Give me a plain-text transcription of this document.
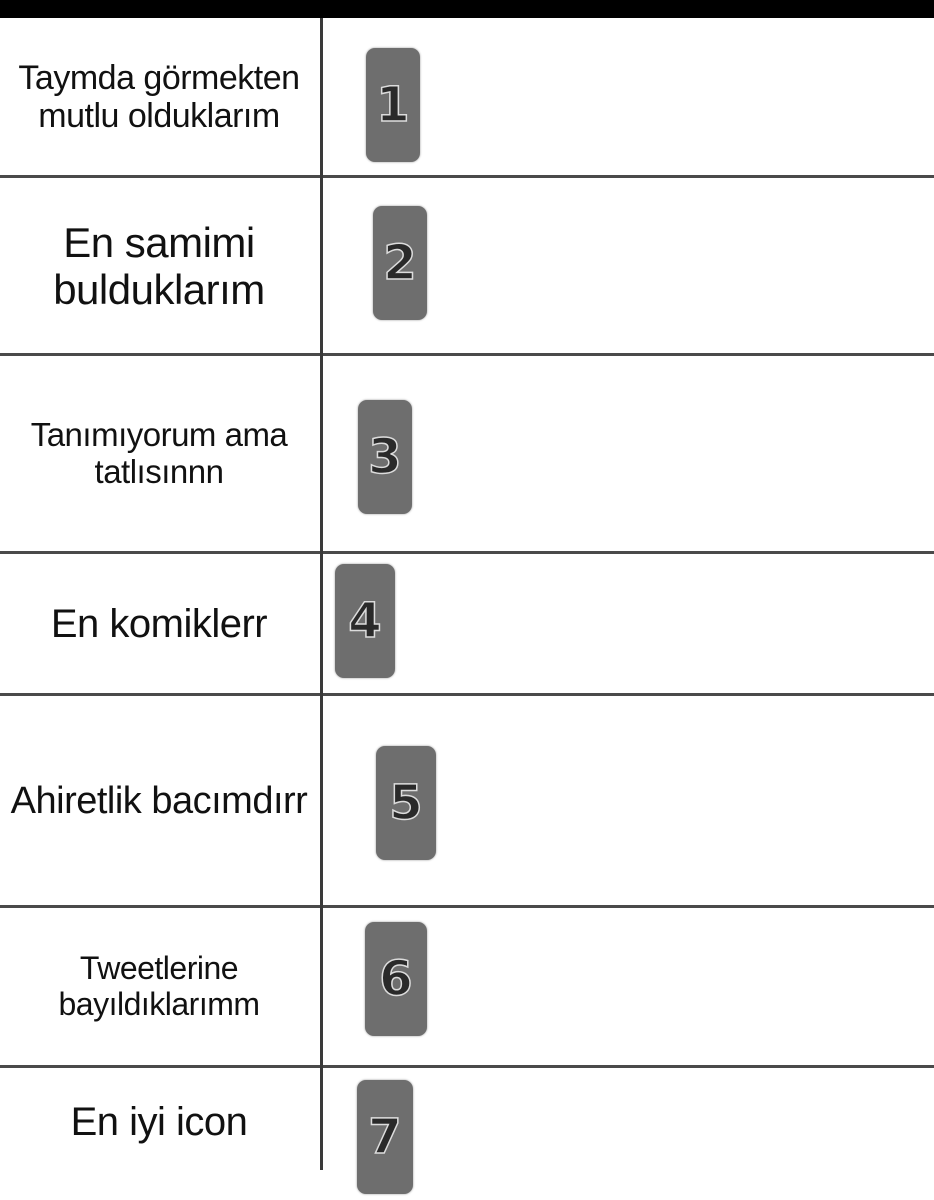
Taymda görmekten
mutlu olduklarım	1
En samimi
bulduklarım	2
Tanımıyorum ama
tatlısınnn	3
En komiklerr	4
Ahiretlik bacımdırr 5
Tweetlerine
bayıldıklarımm	6
En iyi icon	7
